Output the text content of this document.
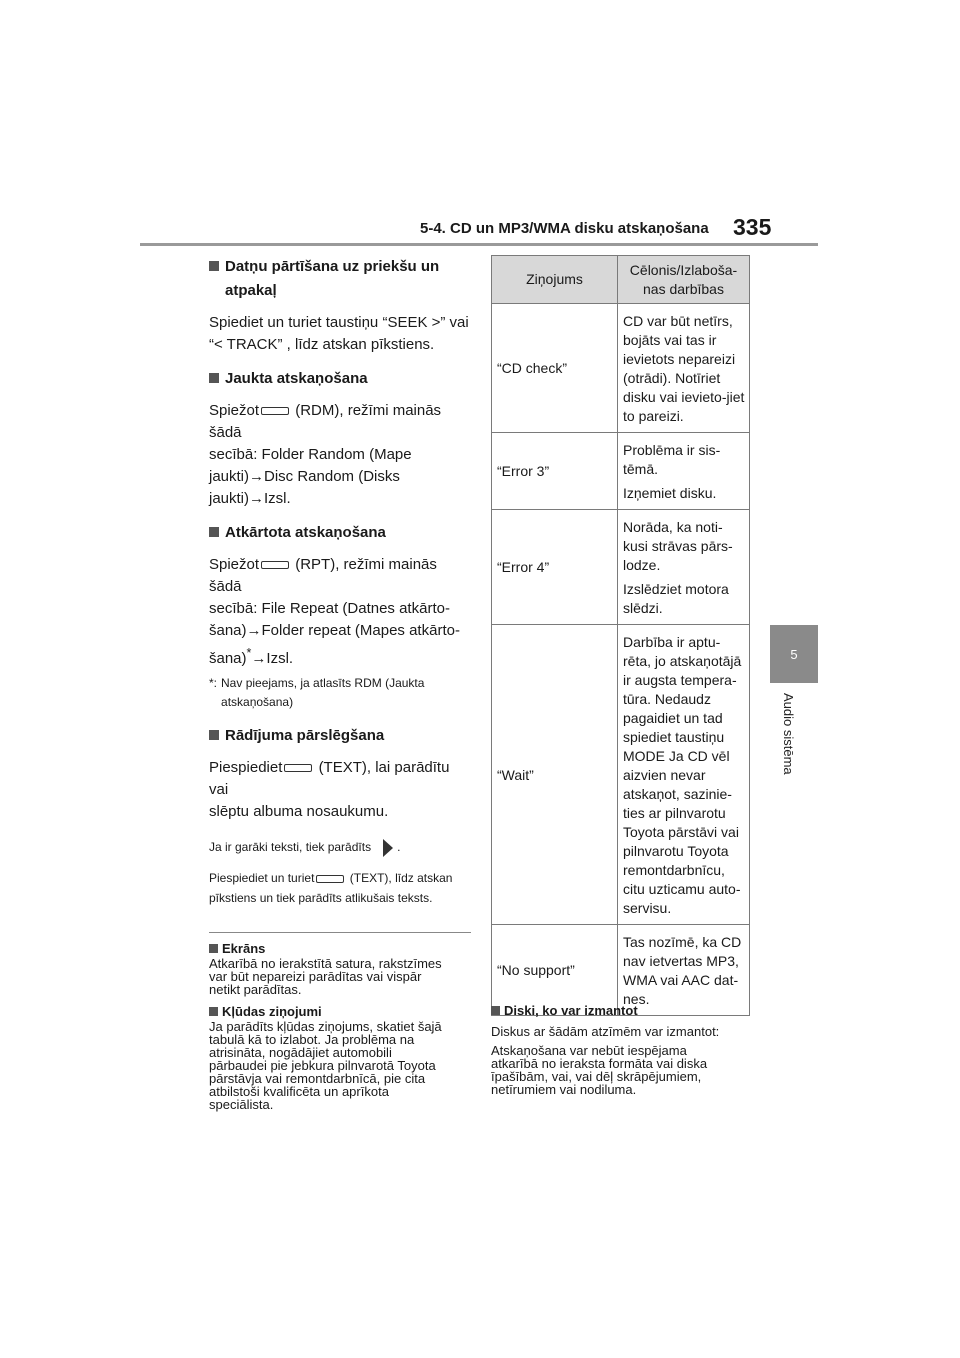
5-4. CD un MP3/WMA disku atskaņošana 335
5
Audio sistēma
Datņu pārtīšana uz priekšu un
atpakaļ

Spiediet un turiet taustiņu “SEEK >” vai
“< TRACK” , līdz atskan pīkstiens.

Jaukta atskaņošana

Spiežot (RDM), režīmi mainās šādā
secībā: Folder Random (Mape
jaukti)→Disc Random (Disks
jaukti)→Izsl.

Atkārtota atskaņošana

Spiežot (RPT), režīmi mainās šādā
secībā: File Repeat (Datnes atkārto-
šana)→Folder repeat (Mapes atkārto-
šana)*→Izsl.

*: Nav pieejams, ja atlasīts RDM (Jaukta
atskaņošana)
Rādījuma pārslēgšana

Piespiediet (TEXT), lai parādītu vai
slēptu albuma nosaukumu.

Ja ir garāki teksti, tiek parādīts .

Piespiediet un turiet	(TEXT), līdz atskan
pīkstiens un tiek parādīts atlikušais teksts.

Ekrāns

Atkarībā no ierakstītā satura, rakstzīmes
var būt nepareizi parādītas vai vispār
netikt parādītas.

Kļūdas ziņojumi

Ja parādīts kļūdas ziņojums, skatiet šajā
tabulā kā to izlabot. Ja problēma na
atrisināta, nogādājiet automobili
pārbaudei pie jebkura pilnvarotā Toyota
pārstāvja vai remontdarbnīcā, pie cita
atbilstoši kvalificēta un aprīkota
speciālista.

Ziņojums	Cēlonis/Izlaboša-
nas darbības
“CD check”	CD var būt netīrs, bojāts vai tas ir ievietots nepareizi (otrādi). Notīriet disku vai ievieto-jiet to pareizi.

“Error 3”	Problēma ir sis-tēmā.

Izņemiet disku.

“Error 4”	Norāda, ka noti-kusi strāvas pārs-lodze.

Izslēdziet motora slēdzi.

“Wait”	Darbība ir aptu-rēta, jo atskaņotājā ir augsta tempera-tūra. Nedaudz pagaidiet un tad spiediet taustiņu MODE Ja CD vēl aizvien nevar atskaņot, sazinie-ties ar pilnvarotu Toyota pārstāvi vai pilnvarotu Toyota remontdarbnīcu, citu uzticamu auto-servisu.

“No support”	Tas nozīmē, ka CD nav ietvertas MP3, WMA vai AAC dat-nes.

Diski, ko var izmantot

Diskus ar šādām atzīmēm var izmantot:

Atskaņošana var nebūt iespējama
atkarībā no ieraksta formāta vai diska
īpašībām, vai, vai dēļ skrāpējumiem,
netīrumiem vai nodiluma.
